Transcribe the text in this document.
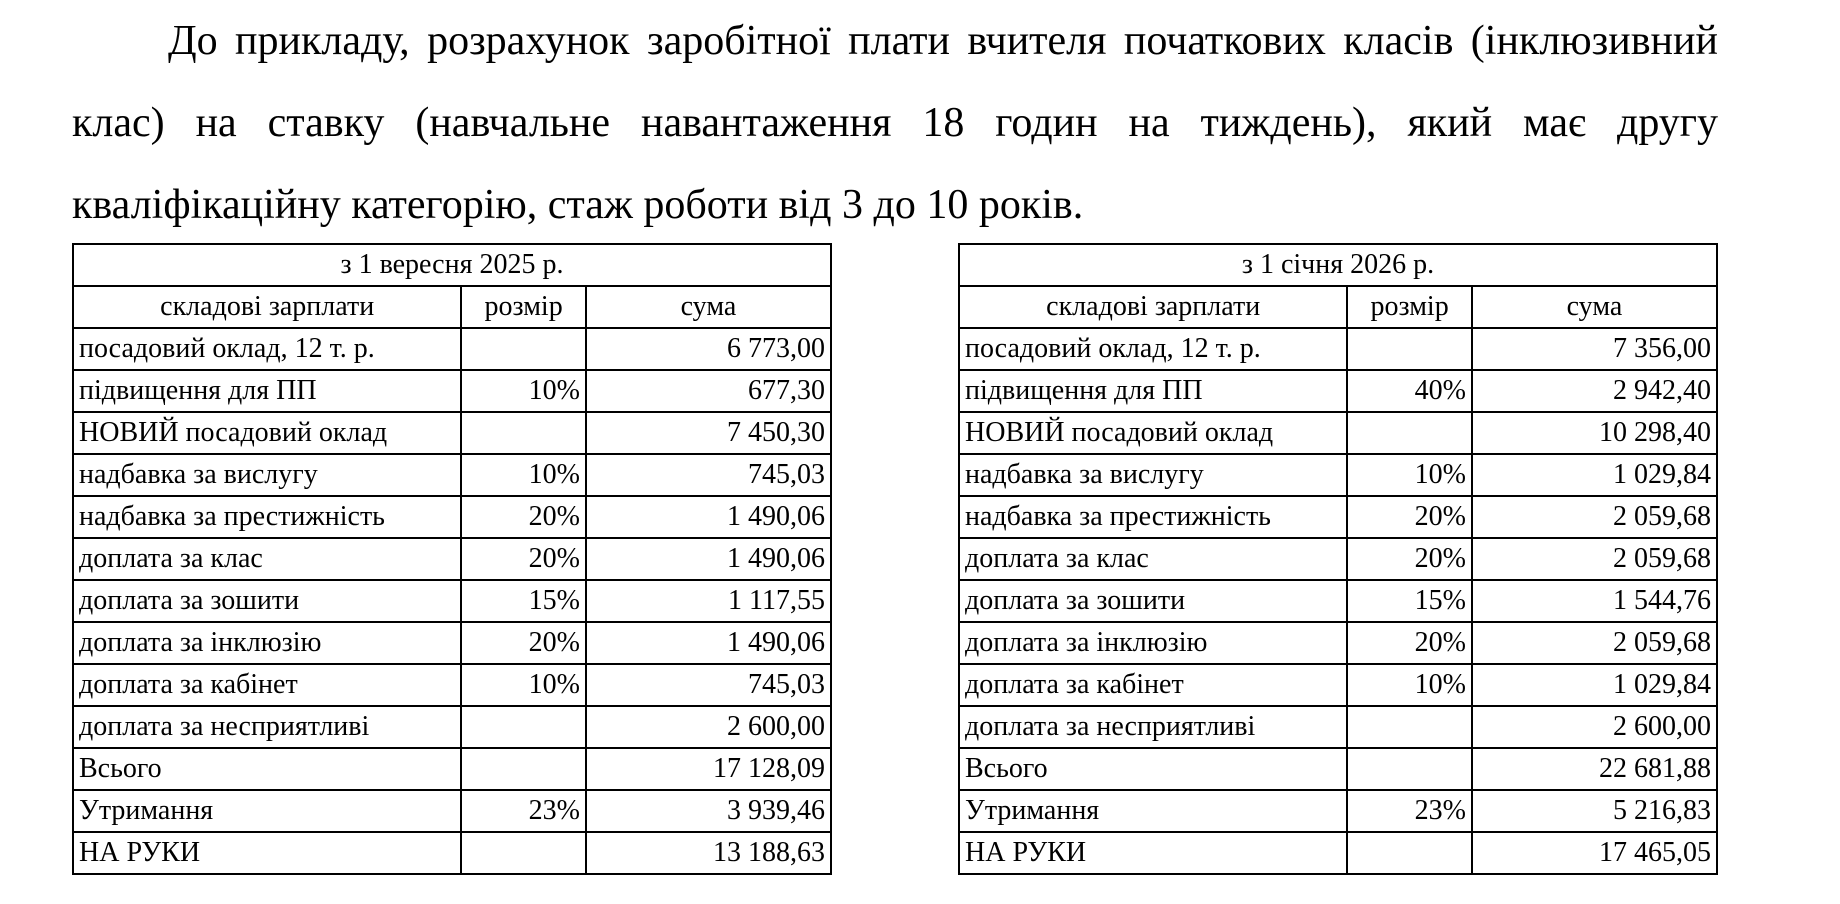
До прикладу, розрахунок заробітної плати вчителя початкових класів (інклюзивний клас) на ставку (навчальне навантаження 18 годин на тиждень), який має другу кваліфікаційну категорію, стаж роботи від 3 до 10 років.

з 1 вересня 2025 р.		
складові зарплати	розмір	сума
посадовий оклад, 12 т. р.		6 773,00
підвищення для ПП	10%	677,30
НОВИЙ посадовий оклад		7 450,30
надбавка за вислугу	10%	745,03
надбавка за престижність	20%	1 490,06
доплата за клас	20%	1 490,06
доплата за зошити	15%	1 117,55
доплата за інклюзію	20%	1 490,06
доплата за кабінет	10%	745,03
доплата за несприятливі		2 600,00
Всього		17 128,09
Утримання	23%	3 939,46
НА РУКИ		13 188,63
з 1 січня 2026 р.		
складові зарплати	розмір	сума
посадовий оклад, 12 т. р.		7 356,00
підвищення для ПП	40%	2 942,40
НОВИЙ посадовий оклад		10 298,40
надбавка за вислугу	10%	1 029,84
надбавка за престижність	20%	2 059,68
доплата за клас	20%	2 059,68
доплата за зошити	15%	1 544,76
доплата за інклюзію	20%	2 059,68
доплата за кабінет	10%	1 029,84
доплата за несприятливі		2 600,00
Всього		22 681,88
Утримання	23%	5 216,83
НА РУКИ		17 465,05
